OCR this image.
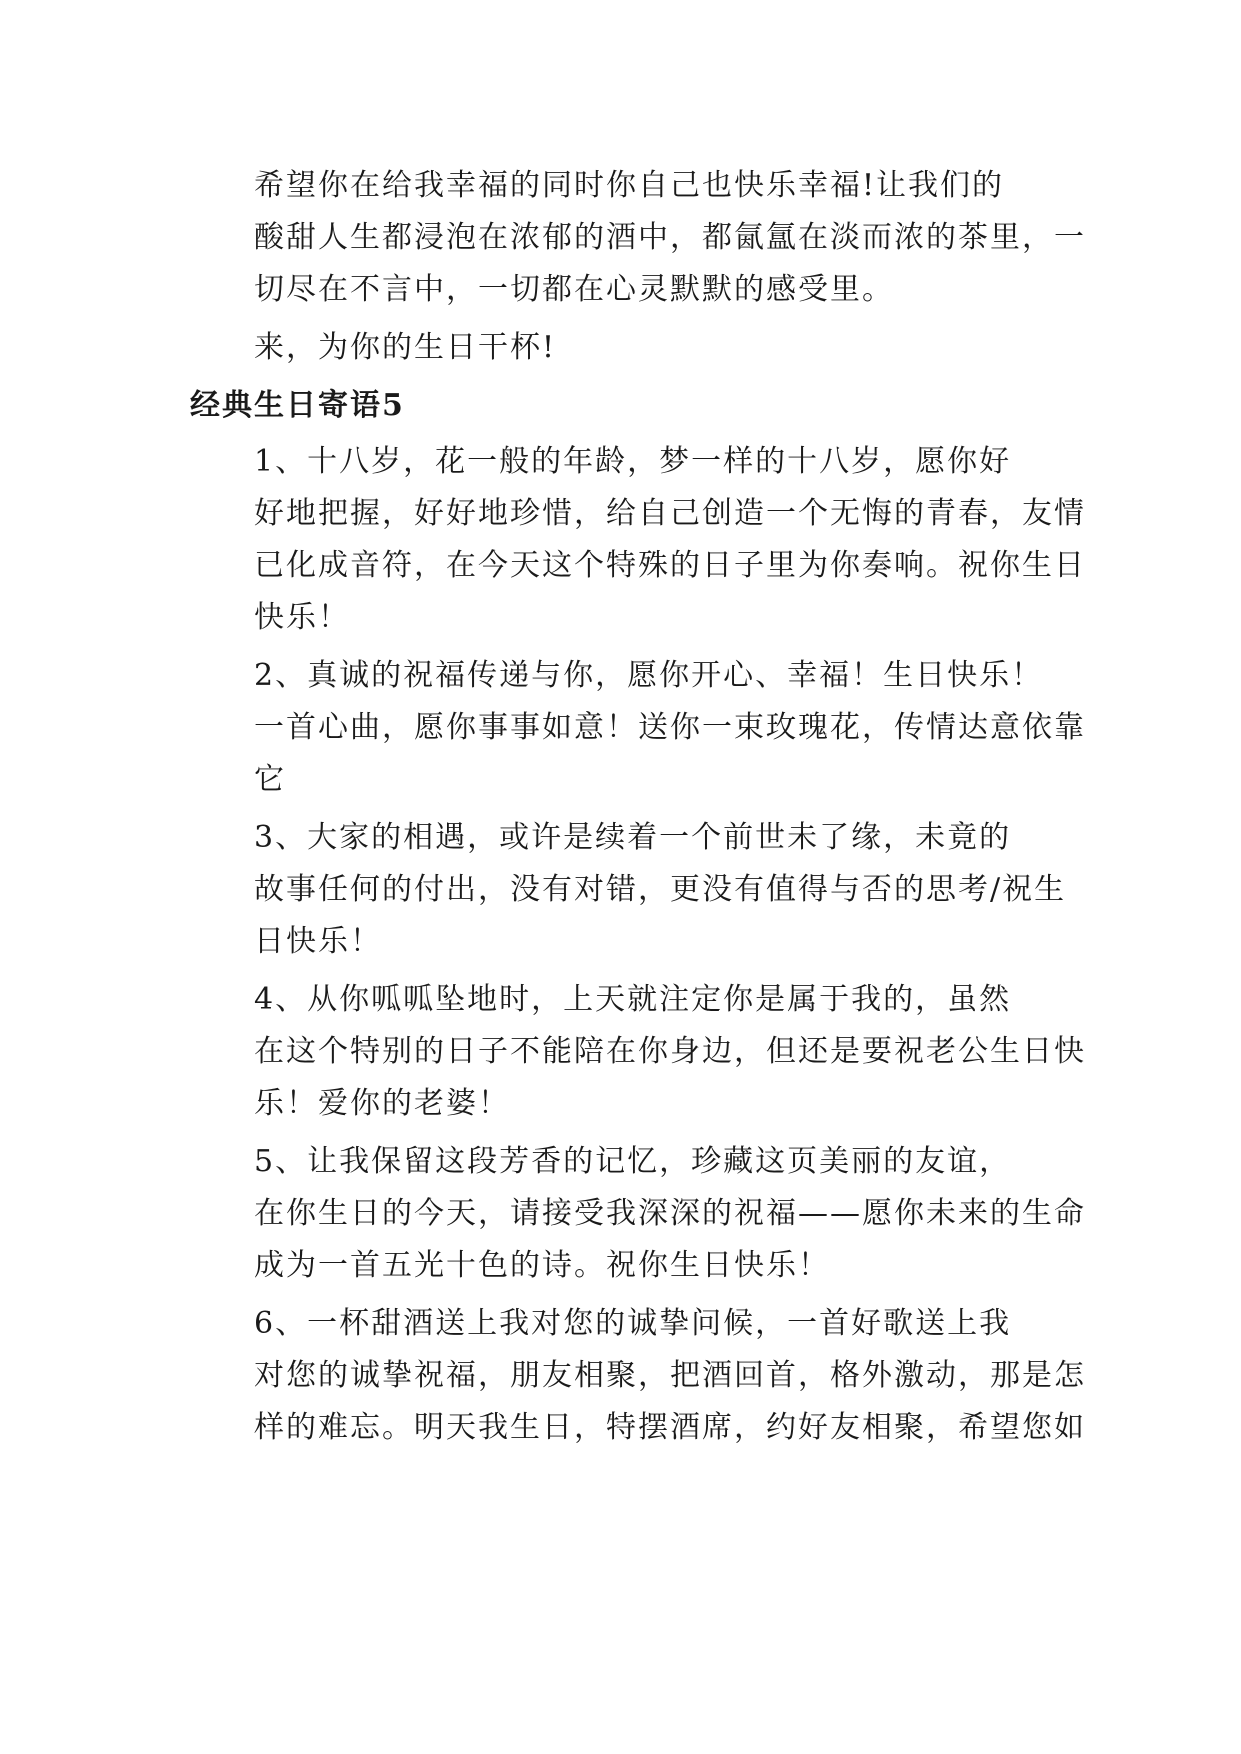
希望你在给我幸福的同时你自己也快乐幸福!让我们的
酸甜人生都浸泡在浓郁的酒中，都氤氲在淡而浓的茶里，一
切尽在不言中，一切都在心灵默默的感受里。

来，为你的生日干杯!

经典生日寄语5

1、十八岁，花一般的年龄，梦一样的十八岁，愿你好
好地把握，好好地珍惜，给自己创造一个无悔的青春，友情
已化成音符，在今天这个特殊的日子里为你奏响。祝你生日
快乐！

2、真诚的祝福传递与你，愿你开心、幸福！生日快乐！
一首心曲，愿你事事如意！送你一束玫瑰花，传情达意依靠
它

3、大家的相遇，或许是续着一个前世未了缘，未竟的
故事任何的付出，没有对错，更没有值得与否的思考/祝生
日快乐！

4、从你呱呱坠地时，上天就注定你是属于我的，虽然
在这个特别的日子不能陪在你身边，但还是要祝老公生日快
乐！爱你的老婆！

5、让我保留这段芳香的记忆，珍藏这页美丽的友谊，
在你生日的今天，请接受我深深的祝福——愿你未来的生命
成为一首五光十色的诗。祝你生日快乐！

6、一杯甜酒送上我对您的诚挚问候，一首好歌送上我
对您的诚挚祝福，朋友相聚，把酒回首，格外激动，那是怎
样的难忘。明天我生日，特摆酒席，约好友相聚，希望您如
